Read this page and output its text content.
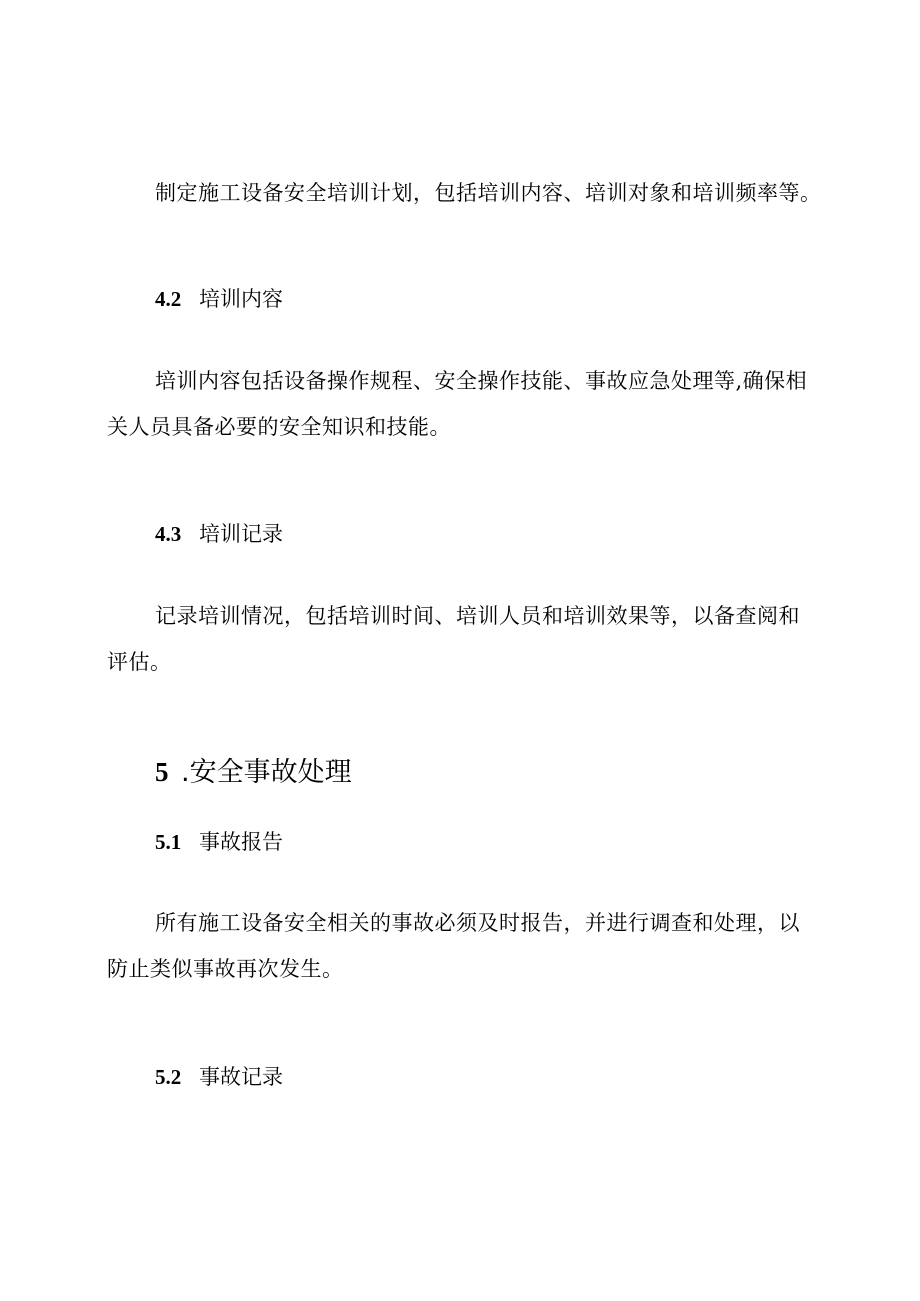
制定施工设备安全培训计划，包括培训内容、培训对象和培训频率等。

4.2 培训内容
培训内容包括设备操作规程、安全操作技能、事故应急处理等,确保相
关人员具备必要的安全知识和技能。
4.3 培训记录
记录培训情况，包括培训时间、培训人员和培训效果等，以备查阅和
评估。
5 .安全事故处理
5.1 事故报告
所有施工设备安全相关的事故必须及时报告，并进行调查和处理，以
防止类似事故再次发生。
5.2 事故记录
